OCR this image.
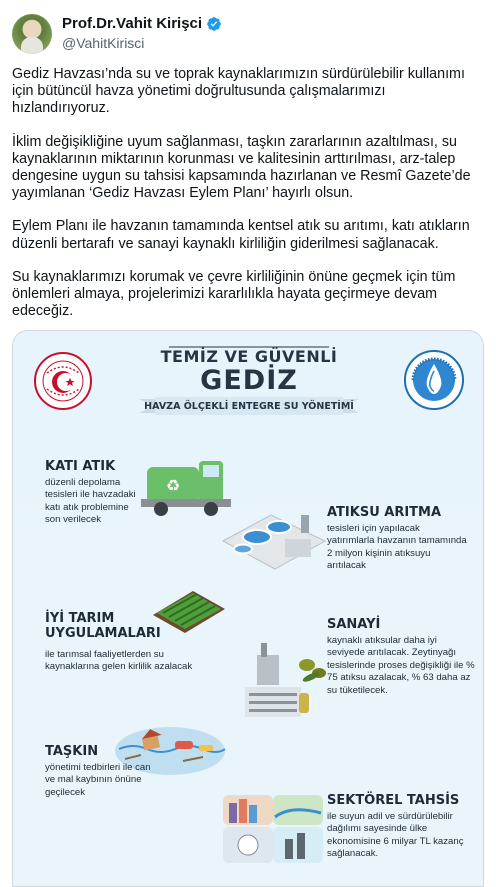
Prof.Dr.Vahit Kirişci
@VahitKirisci

Gediz Havzası’nda su ve toprak kaynaklarımızın sürdürülebilir kullanımı için bütüncül havza yönetimi doğrultusunda çalışmalarımızı hızlandırıyoruz.

İklim değişikliğine uyum sağlanması, taşkın zararlarının azaltılması, su kaynaklarının miktarının korunması ve kalitesinin arttırılması, arz-talep dengesine uygun su tahsisi kapsamında hazırlanan ve Resmî Gazete’de yayımlanan ‘Gediz Havzası Eylem Planı’ hayırlı olsun.

Eylem Planı ile havzanın tamamında kentsel atık su arıtımı, katı atıkların düzenli bertarafı ve sanayi kaynaklı kirliliğin giderilmesi sağlanacak.

Su kaynaklarımızı korumak ve çevre kirliliğinin önüne geçmek için tüm önlemleri almaya, projelerimizi kararlılıkla hayata geçirmeye devam edeceğiz.

TEMİZ VE GÜVENLİ
GEDİZ
HAVZA ÖLÇEKLİ ENTEGRE SU YÖNETİMİ
KATI ATIK
düzenli depolama tesisleri ile havzadaki katı atık problemine son verilecek
♻
ATIKSU ARITMA
tesisleri için yapılacak yatırımlarla havzanın tamamında 2 milyon kişinin atıksuyu arıtılacak
İYİ TARIM UYGULAMALARI
ile tarımsal faaliyetlerden su kaynaklarına gelen kirlilik azalacak
SANAYİ
kaynaklı atıksular daha iyi seviyede arıtılacak. Zeytinyağı tesislerinde proses değişikliği ile % 75 atıksu azalacak, % 63 daha az su tüketilecek.
TAŞKIN
yönetimi tedbirleri ile can ve mal kaybının önüne geçilecek
SEKTÖREL TAHSİS
ile suyun adil ve sürdürülebilir dağılımı sayesinde ülke ekonomisine 6 milyar TL kazanç sağlanacak.
